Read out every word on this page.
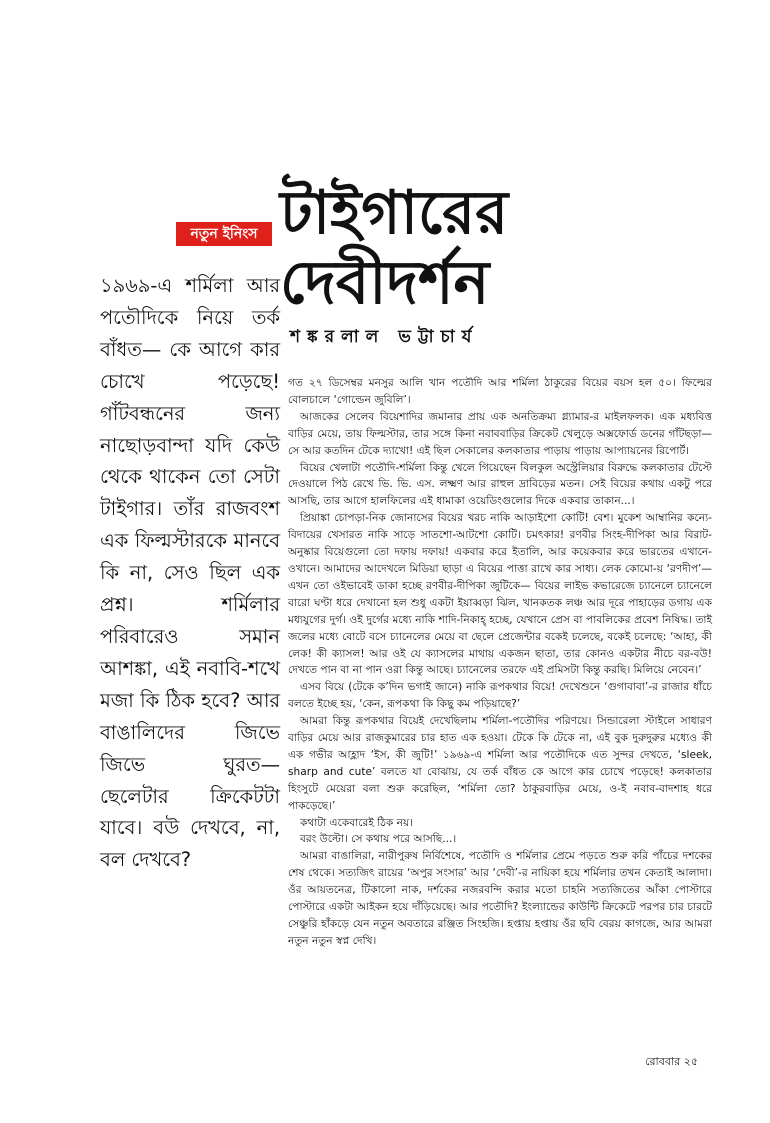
নতুন ইনিংস টাইগারের
দেবীদর্শন
শঙ্করলাল ভট্টাচার্য
১৯৬৯-এ শর্মিলা আর পতৌদিকে নিয়ে তর্ক বাঁধত— কে আগে কার চোখে পড়েছে! গাঁটবন্ধনের জন্য নাছোড়বান্দা যদি কেউ থেকে থাকেন তো সেটা টাইগার। তাঁর রাজবংশ এক ফিল্মস্টারকে মানবে কি না, সেও ছিল এক প্রশ্ন। শর্মিলার পরিবারেও সমান আশঙ্কা, এই নবাবি-শখে মজা কি ঠিক হবে? আর বাঙালিদের জিভে জিভে ঘুরত— ছেলেটার ক্রিকেটটা যাবে। বউ দেখবে, না, বল দেখবে?

গত ২৭ ডিসেম্বর মনসুর আলি খান পতৌদি আর শর্মিলা ঠাকুরের বিয়ের বয়স হল ৫০। ফিল্মের বোলচালে ‘গোল্ডেন জুবিলি’।

আজকের সেলেব বিয়েশাদির জমানার প্রায় এক অনতিক্রম্য গ্ল্যামার-র মাইলফলক। এক মধ্যবিত্ত বাড়ির মেয়ে, তায় ফিল্মস্টার, তার সঙ্গে কিনা নবাববাড়ির ক্রিকেট খেলুড়ে অক্সফোর্ড ডনের গাঁটছড়া— সে আর কতদিন টেকে দ্যাখো! এই ছিল সেকালের কলকাতার পাড়ায় পাড়ায় আপ্যায়নের রিপোর্ট।

বিয়ের খেলাটা পতৌদি-শর্মিলা কিন্তু খেলে গিয়েছেন বিলকুল অস্ট্রেলিয়ার বিরুদ্ধে কলকাতার টেস্টে দেওয়ালে পিঠ রেখে ভি. ভি. এস. লক্ষ্মণ আর রাহুল দ্রাবিড়ের মতন। সেই বিয়ের কথায় একটু পরে আসছি, তার আগে হালফিলের এই ধামাকা ওয়েডিংগুলোর দিকে একবার তাকান...।

প্রিয়াঙ্কা চোপড়া-নিক জোনাসের বিয়ের খরচ নাকি আড়াইশো কোটি! বেশ। মুকেশ আম্বানির কন্যে-বিদায়ের খেসারত নাকি সাড়ে সাতশো-আটশো কোটি। চমৎকার! রণবীর সিংহ-দীপিকা আর বিরাট-অনুষ্কার বিয়েগুলো তো দফায় দফায়! একবার করে ইতালি, আর কয়েকবার করে ভারতের এখানে-ওখানে। আমাদের আদেখলে মিডিয়া ছাড়া এ বিয়ের পাত্তা রাখে কার সাধ্য। লেক কোমো-য় ‘রণদীপ’— এখন তো ওইভাবেই ডাকা হচ্ছে রণবীর-দীপিকা জুটিকে— বিয়ের লাইভ কভারেজে চ্যানেলে চ্যানেলে বারো ঘণ্টা ধরে দেখানো হল শুধু একটা ইয়াব্বড়া ঝিল, খানকতক লঞ্চ আর দূরে পাহাড়ের ডগায় এক মধ্যযুগের দুর্গ। ওই দুর্গের মধ্যে নাকি শাদি-নিকাহ্‌ হচ্ছে, যেখানে প্রেস বা পাবলিকের প্রবেশ নিষিদ্ধ। তাই জলের মধ্যে বোটে বসে চ্যানেলের মেয়ে বা ছেলে প্রেজেন্টার বকেই চলেছে, বকেই চলেছে: ‘আহা, কী লেক! কী ক্যাসল! আর ওই যে ক্যাসলের মাথায় একজন ছাতা, তার কোনও একটার নীচে বর-বউ! দেখতে পান বা না পান ওরা কিন্তু আছে। চ্যানেলের তরফে এই প্রমিসটা কিন্তু করছি। মিলিয়ে নেবেন।’

এসব বিয়ে (টেকে ক’দিন ভগাই জানে) নাকি রূপকথার বিয়ে! দেখেশুনে ‘গুগাবাবা’-র রাজার ধাঁচে বলতে ইচ্ছে হয়, ‘কেন, রূপকথা কি কিছু কম পড়িয়াছে?’

আমরা কিন্তু রূপকথার বিয়েই দেখেছিলাম শর্মিলা-পতৌদির পরিণয়ে। সিন্ডারেলা স্টাইলে সাধারণ বাড়ির মেয়ে আর রাজকুমারের চার হাত এক হওয়া। টেকে কি টেকে না, এই বুক দুরুদুরুর মধ্যেও কী এক গভীর আহ্লাদ ‘ইস, কী জুটি!’ ১৯৬৯-এ শর্মিলা আর পতৌদিকে এত সুন্দর দেখতে, ‘sleek, sharp and cute’ বলতে যা বোঝায়, যে তর্ক বাঁধত কে আগে কার চোখে পড়েছে! কলকাতার হিংসুটে মেয়েরা বলা শুরু করেছিল, ‘শর্মিলা তো? ঠাকুরবাড়ির মেয়ে, ও-ই নবাব-বাদশাহ ধরে পাকড়েছে।’

কথাটা একেবারেই ঠিক নয়।

বরং উল্টো। সে কথায় পরে আসছি...।

আমরা বাঙালিরা, নারীপুরুষ নির্বিশেষে, পতৌদি ও শর্মিলার প্রেমে পড়তে শুরু করি পাঁচের দশকের শেষ থেকে। সত্যজিৎ রায়ের ‘অপুর সংসার’ আর ‘দেবী’-র নায়িকা হয়ে শর্মিলার তখন কেতাই আলাদা। ওঁর আয়তনেত্র, টিকালো নাক, দর্শকের নজরবন্দি করার মতো চাহনি সত্যজিতের আঁকা পোস্টারে পোস্টারে একটা আইকন হয়ে দাঁড়িয়েছে। আর পতৌদি? ইংল্যান্ডের কাউন্টি ক্রিকেটে পরপর চার চারটে সেঞ্চুরি হাঁকড়ে যেন নতুন অবতারে রঞ্জিত সিংহজি। হপ্তায় হপ্তায় ওঁর ছবি বেরয় কাগজে, আর আমরা নতুন নতুন স্বপ্ন দেখি।

রোববার ২৫
